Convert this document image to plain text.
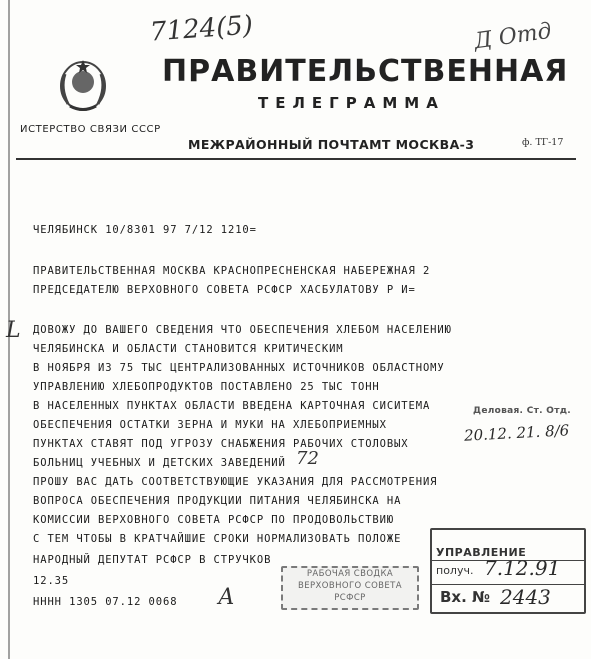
7124(5)	Д Отд
ПРАВИТЕЛЬСТВЕННАЯ
ТЕЛЕГРАММА
ИСТЕРСТВО СВЯЗИ СССР
МЕЖРАЙОННЫЙ ПОЧТАМТ МОСКВА-3	ф. ТГ-17
ЧЕЛЯБИНСК 10/8301 97 7/12 1210=
ПРАВИТЕЛЬСТВЕННАЯ МОСКВА КРАСНОПРЕСНЕНСКАЯ НАБЕРЕЖНАЯ 2
ПРЕДСЕДАТЕЛЮ ВЕРХОВНОГО СОВЕТА РСФСР ХАСБУЛАТОВУ Р И=
L ДОВОЖУ ДО ВАШЕГО СВЕДЕНИЯ ЧТО ОБЕСПЕЧЕНИЯ ХЛЕБОМ НАСЕЛЕНИЮ
ЧЕЛЯБИНСКА И ОБЛАСТИ СТАНОВИТСЯ КРИТИЧЕСКИМ
В НОЯБРЯ ИЗ 75 ТЫС ЦЕНТРАЛИЗОВАННЫХ ИСТОЧНИКОВ ОБЛАСТНОМУ
УПРАВЛЕНИЮ ХЛЕБОПРОДУКТОВ ПОСТАВЛЕНО 25 ТЫС ТОНН
В НАСЕЛЕННЫХ ПУНКТАХ ОБЛАСТИ ВВЕДЕНА КАРТОЧНАЯ СИСИТЕМА
ОБЕСПЕЧЕНИЯ ОСТАТКИ ЗЕРНА И МУКИ НА ХЛЕБОПРИЕМНЫХ
ПУНКТАХ СТАВЯТ ПОД УГРОЗУ СНАБЖЕНИЯ РАБОЧИХ СТОЛОВЫХ
БОЛЬНИЦ УЧЕБНЫХ И ДЕТСКИХ ЗАВЕДЕНИЙ 72
ПРОШУ ВАС ДАТЬ СООТВЕТСТВУЮЩИЕ УКАЗАНИЯ ДЛЯ РАССМОТРЕНИЯ
ВОПРОСА ОБЕСПЕЧЕНИЯ ПРОДУКЦИИ ПИТАНИЯ ЧЕЛЯБИНСКА НА
КОМИССИИ ВЕРХОВНОГО СОВЕТА РСФСР ПО ПРОДОВОЛЬСТВИЮ
С ТЕМ ЧТОБЫ В КРАТЧАЙШИЕ СРОКИ НОРМАЛИЗОВАТЬ ПОЛОЖЕ
НАРОДНЫЙ ДЕПУТАТ РСФСР В СТРУЧКОВ
12.35
НННН 1305 07.12 0068 А
Деловая. Ст. Отд.
20.12. 21. 8/6
РАБОЧАЯ СВОДКА
ВЕРХОВНОГО СОВЕТА
РСФСР
УПРАВЛЕНИЕ
получ. 7.12.91
Вх. № 2443
